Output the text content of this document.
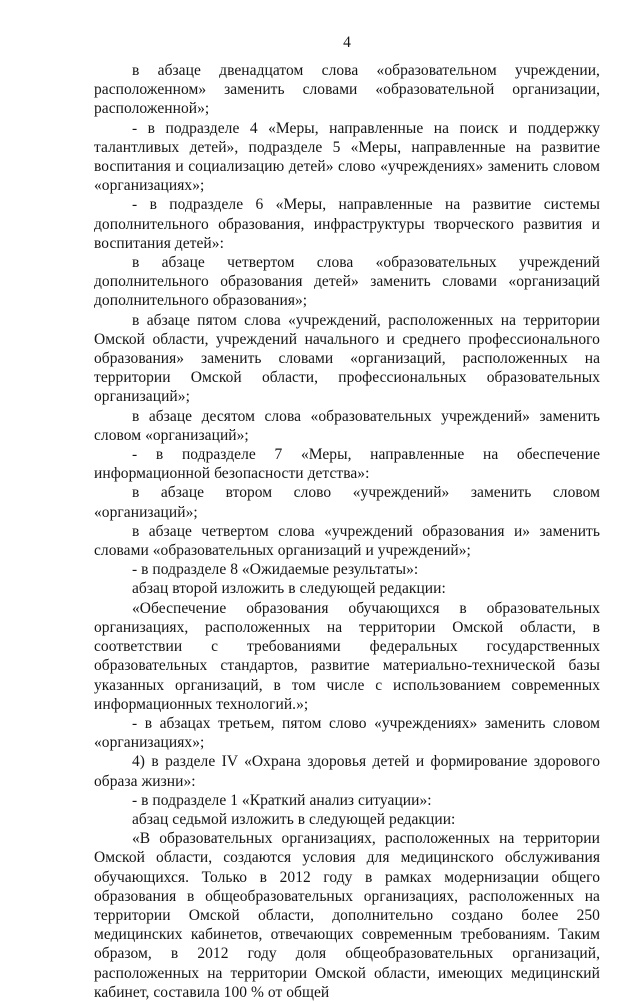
4

в абзаце двенадцатом слова «образовательном учреждении, расположенном» заменить словами «образовательной организации, расположенной»;

- в подразделе 4 «Меры, направленные на поиск и поддержку талантливых детей», подразделе 5 «Меры, направленные на развитие воспитания и социализацию детей» слово «учреждениях» заменить словом «организациях»;

- в подразделе 6 «Меры, направленные на развитие системы дополнительного образования, инфраструктуры творческого развития и воспитания детей»:

в абзаце четвертом слова «образовательных учреждений дополнительного образования детей» заменить словами «организаций дополнительного образования»;

в абзаце пятом слова «учреждений, расположенных на территории Омской области, учреждений начального и среднего профессионального образования» заменить словами «организаций, расположенных на территории Омской области, профессиональных образовательных организаций»;

в абзаце десятом слова «образовательных учреждений» заменить словом «организаций»;

- в подразделе 7 «Меры, направленные на обеспечение информационной безопасности детства»:

в абзаце втором слово «учреждений» заменить словом «организаций»;

в абзаце четвертом слова «учреждений образования и» заменить словами «образовательных организаций и учреждений»;

- в подразделе 8 «Ожидаемые результаты»:

абзац второй изложить в следующей редакции:

«Обеспечение образования обучающихся в образовательных организациях, расположенных на территории Омской области, в соответствии с требованиями федеральных государственных образовательных стандартов, развитие материально-технической базы указанных организаций, в том числе с использованием современных информационных технологий.»;

- в абзацах третьем, пятом слово «учреждениях» заменить словом «организациях»;

4) в разделе IV «Охрана здоровья детей и формирование здорового образа жизни»:

- в подразделе 1 «Краткий анализ ситуации»:

абзац седьмой изложить в следующей редакции:

«В образовательных организациях, расположенных на территории Омской области, создаются условия для медицинского обслуживания обучающихся. Только в 2012 году в рамках модернизации общего образования в общеобразовательных организациях, расположенных на территории Омской области, дополнительно создано более 250 медицинских кабинетов, отвечающих современным требованиям. Таким образом, в 2012 году доля общеобразовательных организаций, расположенных на территории Омской области, имеющих медицинский кабинет, составила 100 % от общей
